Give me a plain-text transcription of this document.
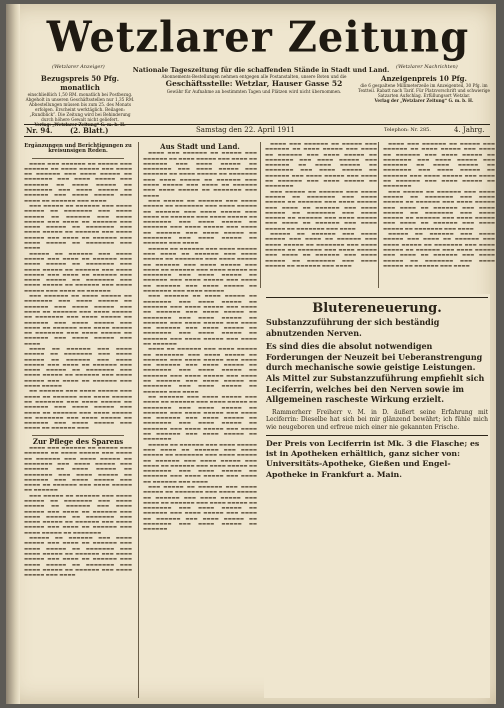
Wetzlarer Zeitung
(Wetzlarer Anzeiger)	(Wetzlarer Nachrichten)
Nationale Tageszeitung für die schaffenden Stände in Stadt und Land.
Bezugspreis 50 Pfg. monatlich
einschließlich 1,50 RM. monatlich bei Postbezug. Abgeholt in unseren Geschäftsstellen nur 1,35 RM. Abbestellungen müssen bis zum 25. des Monats erfolgen. Erscheint werktäglich. Beilagen: „Rundblick“. Die Zeitung wird bei Behinderung durch höhere Gewalt nicht geliefert.
Verlag: „Wetzlarer Zeitung“ G. m. b. H.
Abonnements-Bestellungen nehmen entgegen alle Postanstalten, unsere Boten und die
Geschäftsstelle: Wetzlar, Hauser Gasse 52
Gewähr für Aufnahme an bestimmten Tagen und Plätzen wird nicht übernommen.
Anzeigenpreis 10 Pfg.
die 6 gespaltene Millimeterzeile im Anzeigenteil, 30 Pfg. im Textteil. Rabatt nach Tarif. Für Platzvorschrift und schwierige Satzarten Aufschlag. Erfüllungsort Wetzlar.
Verlag der „Wetzlarer Zeitung“ G. m. b. H.
Nr. 94.	(2. Blatt.)	Samstag den 22. April 1911	Telephon: Nr. 285.	4. Jahrg.
Ergänzungen und Berichtigungen zu kreisunsigen Reden.

▬▬▬▬ ▬▬▬ ▬▬▬▬▬▬ ▬▬ ▬▬▬▬▬ ▬▬▬ ▬▬▬▬▬▬ ▬▬ ▬▬▬▬ ▬▬▬▬▬ ▬▬▬ ▬▬▬▬ ▬▬ ▬▬▬▬▬▬ ▬▬▬ ▬▬▬▬ ▬▬▬▬▬ ▬▬ ▬▬▬▬▬▬▬ ▬▬▬ ▬▬▬▬ ▬▬▬▬▬ ▬▬▬ ▬▬▬▬▬▬ ▬▬ ▬▬▬▬ ▬▬▬▬▬ ▬▬ ▬▬▬▬▬▬▬ ▬▬▬ ▬▬▬▬ ▬▬▬▬▬ ▬▬ ▬▬▬▬▬▬ ▬▬▬ ▬▬▬▬ ▬▬▬▬▬ ▬▬▬ ▬▬▬▬ ▬▬ ▬▬▬▬▬▬ ▬▬▬ ▬▬▬▬

▬▬▬ ▬▬▬▬▬ ▬▬ ▬▬▬▬▬▬ ▬▬▬ ▬▬▬▬ ▬▬▬▬▬ ▬▬ ▬▬▬▬▬▬▬ ▬▬▬ ▬▬▬▬ ▬▬▬▬▬ ▬▬ ▬▬▬▬▬▬ ▬▬▬ ▬▬▬▬ ▬▬▬▬▬ ▬▬▬ ▬▬▬▬ ▬▬ ▬▬▬▬▬▬ ▬▬▬ ▬▬▬▬ ▬▬▬▬▬ ▬▬ ▬▬▬▬▬▬▬ ▬▬▬ ▬▬▬▬ ▬▬▬▬▬ ▬▬ ▬▬▬▬▬▬ ▬▬▬ ▬▬▬▬ ▬▬▬▬▬ ▬▬▬ ▬▬▬▬ ▬▬ ▬▬▬▬▬▬ ▬▬▬ ▬▬▬▬ ▬▬▬▬▬ ▬▬ ▬▬▬▬▬▬▬ ▬▬▬ ▬▬▬▬

▬▬▬▬▬ ▬▬ ▬▬▬▬▬▬ ▬▬▬ ▬▬▬▬ ▬▬▬▬▬ ▬▬▬ ▬▬▬▬ ▬▬ ▬▬▬▬▬▬ ▬▬▬ ▬▬▬▬ ▬▬▬▬▬ ▬▬ ▬▬▬▬▬▬▬ ▬▬▬ ▬▬▬▬ ▬▬▬▬▬ ▬▬ ▬▬▬▬▬▬ ▬▬▬ ▬▬▬▬ ▬▬▬▬▬ ▬▬▬ ▬▬▬▬ ▬▬ ▬▬▬▬▬▬ ▬▬▬ ▬▬▬▬ ▬▬▬▬▬ ▬▬ ▬▬▬▬▬▬▬ ▬▬▬ ▬▬▬▬ ▬▬▬▬▬ ▬▬ ▬▬▬▬▬▬ ▬▬▬ ▬▬▬▬ ▬▬▬▬▬ ▬▬▬ ▬▬▬▬ ▬▬ ▬▬▬▬▬▬

▬▬▬ ▬▬▬▬▬▬ ▬▬ ▬▬▬▬ ▬▬▬▬▬ ▬▬ ▬▬▬▬▬▬▬ ▬▬▬ ▬▬▬▬ ▬▬▬▬▬ ▬▬ ▬▬▬▬▬▬ ▬▬▬ ▬▬▬▬ ▬▬▬▬▬ ▬▬▬ ▬▬▬▬ ▬▬ ▬▬▬▬▬▬ ▬▬▬ ▬▬▬▬ ▬▬▬▬▬ ▬▬ ▬▬▬▬▬▬▬ ▬▬▬ ▬▬▬▬ ▬▬▬▬▬ ▬▬ ▬▬▬▬▬▬ ▬▬▬ ▬▬▬▬ ▬▬▬▬▬ ▬▬▬ ▬▬▬▬ ▬▬ ▬▬▬▬▬▬ ▬▬▬ ▬▬▬▬ ▬▬▬▬▬ ▬▬ ▬▬▬▬▬▬▬ ▬▬▬ ▬▬▬▬ ▬▬▬▬▬ ▬▬ ▬▬▬▬▬▬ ▬▬▬ ▬▬▬▬ ▬▬▬▬▬ ▬▬▬ ▬▬▬▬

▬▬▬▬ ▬▬ ▬▬▬▬▬▬ ▬▬▬ ▬▬▬▬ ▬▬▬▬▬ ▬▬ ▬▬▬▬▬▬▬ ▬▬▬ ▬▬▬▬ ▬▬▬▬▬ ▬▬ ▬▬▬▬▬▬ ▬▬▬ ▬▬▬▬ ▬▬▬▬▬ ▬▬▬ ▬▬▬▬ ▬▬ ▬▬▬▬▬▬ ▬▬▬ ▬▬▬▬ ▬▬▬▬▬ ▬▬ ▬▬▬▬▬▬▬ ▬▬▬ ▬▬▬▬ ▬▬▬▬▬ ▬▬ ▬▬▬▬▬▬ ▬▬▬ ▬▬▬▬ ▬▬▬▬▬ ▬▬▬ ▬▬▬▬ ▬▬ ▬▬▬▬▬▬ ▬▬▬ ▬▬▬▬ ▬▬▬▬▬

▬▬ ▬▬▬▬▬▬ ▬▬▬ ▬▬▬▬ ▬▬▬▬▬ ▬▬▬ ▬▬▬▬ ▬▬ ▬▬▬▬▬▬ ▬▬▬ ▬▬▬▬ ▬▬▬▬▬ ▬▬ ▬▬▬▬▬▬▬ ▬▬▬ ▬▬▬▬ ▬▬▬▬▬ ▬▬ ▬▬▬▬▬▬ ▬▬▬ ▬▬▬▬ ▬▬▬▬▬ ▬▬▬ ▬▬▬▬ ▬▬ ▬▬▬▬▬▬ ▬▬▬ ▬▬▬▬ ▬▬▬▬▬ ▬▬ ▬▬▬▬▬▬▬ ▬▬▬ ▬▬▬▬ ▬▬▬▬▬ ▬▬ ▬▬▬▬▬▬ ▬▬▬ ▬▬▬▬ ▬▬▬▬▬ ▬▬▬ ▬▬▬▬ ▬▬ ▬▬▬▬▬▬ ▬▬▬

Zur Pflege des Sparens

▬▬▬▬ ▬▬▬ ▬▬▬▬▬▬ ▬▬ ▬▬▬▬▬ ▬▬▬ ▬▬▬▬▬▬ ▬▬ ▬▬▬▬ ▬▬▬▬▬ ▬▬▬ ▬▬▬▬ ▬▬ ▬▬▬▬▬▬ ▬▬▬ ▬▬▬▬ ▬▬▬▬▬ ▬▬ ▬▬▬▬▬▬▬ ▬▬▬ ▬▬▬▬ ▬▬▬▬▬ ▬▬▬ ▬▬▬▬▬▬ ▬▬ ▬▬▬▬ ▬▬▬▬▬ ▬▬ ▬▬▬▬▬▬▬ ▬▬▬ ▬▬▬▬ ▬▬▬▬▬ ▬▬ ▬▬▬▬▬▬ ▬▬▬ ▬▬▬▬ ▬▬▬▬▬ ▬▬▬ ▬▬▬▬ ▬▬ ▬▬▬▬▬▬ ▬▬▬ ▬▬▬▬ ▬▬▬▬▬ ▬▬ ▬▬▬▬▬▬

▬▬▬ ▬▬▬▬▬ ▬▬ ▬▬▬▬▬▬ ▬▬▬ ▬▬▬▬ ▬▬▬▬▬ ▬▬ ▬▬▬▬▬▬▬ ▬▬▬ ▬▬▬▬ ▬▬▬▬▬ ▬▬ ▬▬▬▬▬▬ ▬▬▬ ▬▬▬▬ ▬▬▬▬▬ ▬▬▬ ▬▬▬▬ ▬▬ ▬▬▬▬▬▬ ▬▬▬ ▬▬▬▬ ▬▬▬▬▬ ▬▬ ▬▬▬▬▬▬▬ ▬▬▬ ▬▬▬▬ ▬▬▬▬▬ ▬▬ ▬▬▬▬▬▬ ▬▬▬ ▬▬▬▬ ▬▬▬▬▬ ▬▬▬ ▬▬▬▬ ▬▬ ▬▬▬▬▬▬ ▬▬▬ ▬▬▬▬ ▬▬▬▬▬ ▬▬ ▬▬▬▬▬▬▬

▬▬▬▬▬ ▬▬ ▬▬▬▬▬▬ ▬▬▬ ▬▬▬▬ ▬▬▬▬▬ ▬▬▬ ▬▬▬▬ ▬▬ ▬▬▬▬▬▬ ▬▬▬ ▬▬▬▬ ▬▬▬▬▬ ▬▬ ▬▬▬▬▬▬▬ ▬▬▬ ▬▬▬▬ ▬▬▬▬▬ ▬▬ ▬▬▬▬▬▬ ▬▬▬ ▬▬▬▬ ▬▬▬▬▬ ▬▬▬ ▬▬▬▬ ▬▬ ▬▬▬▬▬▬ ▬▬▬ ▬▬▬▬ ▬▬▬▬▬ ▬▬ ▬▬▬▬▬▬▬ ▬▬▬ ▬▬▬▬ ▬▬▬▬▬ ▬▬ ▬▬▬▬▬▬ ▬▬▬ ▬▬▬▬ ▬▬▬▬▬ ▬▬▬ ▬▬▬▬

Aus Stadt und Land.

▬▬▬▬ ▬▬▬ ▬▬▬▬▬▬ ▬▬ ▬▬▬▬▬ ▬▬▬ ▬▬▬▬▬▬ ▬▬ ▬▬▬▬ ▬▬▬▬▬ ▬▬▬ ▬▬▬▬ ▬▬ ▬▬▬▬▬▬ ▬▬▬ ▬▬▬▬ ▬▬▬▬▬ ▬▬ ▬▬▬▬▬▬▬ ▬▬▬ ▬▬▬▬ ▬▬▬▬▬ ▬▬▬ ▬▬▬▬▬▬ ▬▬ ▬▬▬▬ ▬▬▬▬▬ ▬▬ ▬▬▬▬▬▬▬ ▬▬▬ ▬▬▬▬ ▬▬▬▬▬ ▬▬ ▬▬▬▬▬▬ ▬▬▬ ▬▬▬▬ ▬▬▬▬▬ ▬▬▬ ▬▬▬▬ ▬▬ ▬▬▬▬▬▬ ▬▬▬ ▬▬▬▬ ▬▬▬▬▬ ▬▬ ▬▬▬▬▬▬▬ ▬▬▬ ▬▬▬▬

▬▬▬ ▬▬▬▬▬ ▬▬ ▬▬▬▬▬▬ ▬▬▬ ▬▬▬▬ ▬▬▬▬▬ ▬▬ ▬▬▬▬▬▬▬ ▬▬▬ ▬▬▬▬ ▬▬▬▬▬ ▬▬ ▬▬▬▬▬▬ ▬▬▬ ▬▬▬▬ ▬▬▬▬▬ ▬▬▬ ▬▬▬▬ ▬▬ ▬▬▬▬▬▬ ▬▬▬ ▬▬▬▬ ▬▬▬▬▬ ▬▬ ▬▬▬▬▬▬▬ ▬▬▬ ▬▬▬▬ ▬▬▬▬▬ ▬▬ ▬▬▬▬▬▬ ▬▬▬ ▬▬▬▬ ▬▬▬▬▬ ▬▬▬ ▬▬▬▬ ▬▬ ▬▬▬▬▬▬ ▬▬▬ ▬▬▬▬ ▬▬▬▬▬ ▬▬ ▬▬▬▬▬▬▬ ▬▬▬ ▬▬▬▬ ▬▬▬▬▬ ▬▬ ▬▬▬▬▬▬ ▬▬▬ ▬▬▬▬

▬▬▬▬▬ ▬▬ ▬▬▬▬▬▬ ▬▬▬ ▬▬▬▬ ▬▬▬▬▬ ▬▬▬ ▬▬▬▬ ▬▬ ▬▬▬▬▬▬ ▬▬▬ ▬▬▬▬ ▬▬▬▬▬ ▬▬ ▬▬▬▬▬▬▬ ▬▬▬ ▬▬▬▬ ▬▬▬▬▬ ▬▬ ▬▬▬▬▬▬ ▬▬▬ ▬▬▬▬ ▬▬▬▬▬ ▬▬▬ ▬▬▬▬ ▬▬ ▬▬▬▬▬▬ ▬▬▬ ▬▬▬▬ ▬▬▬▬▬ ▬▬ ▬▬▬▬▬▬▬ ▬▬▬ ▬▬▬▬ ▬▬▬▬▬ ▬▬ ▬▬▬▬▬▬ ▬▬▬ ▬▬▬▬ ▬▬▬▬▬ ▬▬▬ ▬▬▬▬ ▬▬ ▬▬▬▬▬▬ ▬▬▬ ▬▬▬▬ ▬▬▬▬▬ ▬▬ ▬▬▬▬▬▬▬ ▬▬▬ ▬▬▬▬ ▬▬▬▬▬

▬▬▬ ▬▬▬▬▬▬ ▬▬ ▬▬▬▬ ▬▬▬▬▬ ▬▬ ▬▬▬▬▬▬▬ ▬▬▬ ▬▬▬▬ ▬▬▬▬▬ ▬▬ ▬▬▬▬▬▬ ▬▬▬ ▬▬▬▬ ▬▬▬▬▬ ▬▬▬ ▬▬▬▬ ▬▬ ▬▬▬▬▬▬ ▬▬▬ ▬▬▬▬ ▬▬▬▬▬ ▬▬ ▬▬▬▬▬▬▬ ▬▬▬ ▬▬▬▬ ▬▬▬▬▬ ▬▬ ▬▬▬▬▬▬ ▬▬▬ ▬▬▬▬ ▬▬▬▬▬ ▬▬▬ ▬▬▬▬ ▬▬ ▬▬▬▬▬▬ ▬▬▬ ▬▬▬▬ ▬▬▬▬▬ ▬▬ ▬▬▬▬▬▬▬ ▬▬▬ ▬▬▬▬ ▬▬▬▬▬ ▬▬ ▬▬▬▬▬▬ ▬▬▬ ▬▬▬▬ ▬▬▬▬▬ ▬▬▬ ▬▬▬▬ ▬▬ ▬▬▬▬▬▬

▬▬▬▬ ▬▬ ▬▬▬▬▬▬ ▬▬▬ ▬▬▬▬ ▬▬▬▬▬ ▬▬ ▬▬▬▬▬▬▬ ▬▬▬ ▬▬▬▬ ▬▬▬▬▬ ▬▬ ▬▬▬▬▬▬ ▬▬▬ ▬▬▬▬ ▬▬▬▬▬ ▬▬▬ ▬▬▬▬ ▬▬ ▬▬▬▬▬▬ ▬▬▬ ▬▬▬▬ ▬▬▬▬▬ ▬▬ ▬▬▬▬▬▬▬ ▬▬▬ ▬▬▬▬ ▬▬▬▬▬ ▬▬ ▬▬▬▬▬▬ ▬▬▬ ▬▬▬▬ ▬▬▬▬▬ ▬▬▬ ▬▬▬▬ ▬▬ ▬▬▬▬▬▬ ▬▬▬ ▬▬▬▬ ▬▬▬▬▬ ▬▬ ▬▬▬▬▬▬▬ ▬▬▬ ▬▬▬▬ ▬▬▬▬▬ ▬▬ ▬▬▬▬▬▬ ▬▬▬ ▬▬▬▬

▬▬ ▬▬▬▬▬▬ ▬▬▬ ▬▬▬▬ ▬▬▬▬▬ ▬▬▬ ▬▬▬▬ ▬▬ ▬▬▬▬▬▬ ▬▬▬ ▬▬▬▬ ▬▬▬▬▬ ▬▬ ▬▬▬▬▬▬▬ ▬▬▬ ▬▬▬▬ ▬▬▬▬▬ ▬▬ ▬▬▬▬▬▬ ▬▬▬ ▬▬▬▬ ▬▬▬▬▬ ▬▬▬ ▬▬▬▬ ▬▬ ▬▬▬▬▬▬ ▬▬▬ ▬▬▬▬ ▬▬▬▬▬ ▬▬ ▬▬▬▬▬▬▬ ▬▬▬ ▬▬▬▬ ▬▬▬▬▬ ▬▬ ▬▬▬▬▬▬ ▬▬▬ ▬▬▬▬ ▬▬▬▬▬ ▬▬▬ ▬▬▬▬ ▬▬ ▬▬▬▬▬▬ ▬▬▬ ▬▬▬▬ ▬▬▬▬▬ ▬▬ ▬▬▬▬▬▬▬

▬▬▬▬▬ ▬▬ ▬▬▬▬▬▬ ▬▬▬ ▬▬▬▬ ▬▬▬▬▬ ▬▬▬ ▬▬▬▬ ▬▬ ▬▬▬▬▬▬ ▬▬▬ ▬▬▬▬ ▬▬▬▬▬ ▬▬ ▬▬▬▬▬▬▬ ▬▬▬ ▬▬▬▬ ▬▬▬▬▬ ▬▬ ▬▬▬▬▬▬ ▬▬▬ ▬▬▬▬ ▬▬▬▬▬ ▬▬▬ ▬▬▬▬ ▬▬ ▬▬▬▬▬▬ ▬▬▬ ▬▬▬▬ ▬▬▬▬▬ ▬▬ ▬▬▬▬▬▬▬ ▬▬▬ ▬▬▬▬ ▬▬▬▬▬ ▬▬ ▬▬▬▬▬▬ ▬▬▬ ▬▬▬▬ ▬▬▬▬▬ ▬▬▬ ▬▬▬▬ ▬▬ ▬▬▬▬▬▬ ▬▬▬ ▬▬▬▬

▬▬▬ ▬▬▬▬▬ ▬▬ ▬▬▬▬▬▬ ▬▬▬ ▬▬▬▬ ▬▬▬▬▬ ▬▬ ▬▬▬▬▬▬▬ ▬▬▬ ▬▬▬▬ ▬▬▬▬▬ ▬▬ ▬▬▬▬▬▬ ▬▬▬ ▬▬▬▬ ▬▬▬▬▬ ▬▬▬ ▬▬▬▬ ▬▬ ▬▬▬▬▬▬ ▬▬▬ ▬▬▬▬ ▬▬▬▬▬ ▬▬ ▬▬▬▬▬▬▬ ▬▬▬ ▬▬▬▬ ▬▬▬▬▬ ▬▬ ▬▬▬▬▬▬ ▬▬▬ ▬▬▬▬ ▬▬▬▬▬ ▬▬▬ ▬▬▬▬ ▬▬ ▬▬▬▬▬▬ ▬▬▬ ▬▬▬▬ ▬▬▬▬▬ ▬▬ ▬▬▬▬▬▬▬ ▬▬▬ ▬▬▬▬ ▬▬▬▬▬ ▬▬ ▬▬▬▬▬▬

▬▬▬▬ ▬▬▬ ▬▬▬▬▬▬ ▬▬ ▬▬▬▬▬ ▬▬▬ ▬▬▬▬▬▬ ▬▬ ▬▬▬▬ ▬▬▬▬▬ ▬▬▬ ▬▬▬▬ ▬▬ ▬▬▬▬▬▬ ▬▬▬ ▬▬▬▬ ▬▬▬▬▬ ▬▬ ▬▬▬▬▬▬▬ ▬▬▬ ▬▬▬▬ ▬▬▬▬▬ ▬▬▬ ▬▬▬▬▬▬ ▬▬ ▬▬▬▬ ▬▬▬▬▬ ▬▬ ▬▬▬▬▬▬▬ ▬▬▬ ▬▬▬▬ ▬▬▬▬▬ ▬▬ ▬▬▬▬▬▬ ▬▬▬ ▬▬▬▬ ▬▬▬▬▬ ▬▬▬ ▬▬▬▬ ▬▬ ▬▬▬▬▬▬ ▬▬▬ ▬▬▬▬ ▬▬▬▬▬ ▬▬ ▬▬▬▬▬▬▬

▬▬▬ ▬▬▬▬▬ ▬▬ ▬▬▬▬▬▬ ▬▬▬ ▬▬▬▬ ▬▬▬▬▬ ▬▬ ▬▬▬▬▬▬▬ ▬▬▬ ▬▬▬▬ ▬▬▬▬▬ ▬▬ ▬▬▬▬▬▬ ▬▬▬ ▬▬▬▬ ▬▬▬▬▬ ▬▬▬ ▬▬▬▬ ▬▬ ▬▬▬▬▬▬ ▬▬▬ ▬▬▬▬ ▬▬▬▬▬ ▬▬ ▬▬▬▬▬▬▬ ▬▬▬ ▬▬▬▬ ▬▬▬▬▬ ▬▬ ▬▬▬▬▬▬ ▬▬▬ ▬▬▬▬ ▬▬▬▬▬ ▬▬▬ ▬▬▬▬ ▬▬ ▬▬▬▬▬▬ ▬▬▬ ▬▬▬▬ ▬▬▬▬▬ ▬▬ ▬▬▬▬▬▬▬ ▬▬▬ ▬▬▬▬

▬▬▬▬▬ ▬▬ ▬▬▬▬▬▬ ▬▬▬ ▬▬▬▬ ▬▬▬▬▬ ▬▬▬ ▬▬▬▬ ▬▬ ▬▬▬▬▬▬ ▬▬▬ ▬▬▬▬ ▬▬▬▬▬ ▬▬ ▬▬▬▬▬▬▬ ▬▬▬ ▬▬▬▬ ▬▬▬▬▬ ▬▬ ▬▬▬▬▬▬ ▬▬▬ ▬▬▬▬ ▬▬▬▬▬ ▬▬▬ ▬▬▬▬ ▬▬ ▬▬▬▬▬▬ ▬▬▬ ▬▬▬▬ ▬▬▬▬▬ ▬▬ ▬▬▬▬▬▬▬ ▬▬▬ ▬▬▬▬ ▬▬▬▬▬ ▬▬ ▬▬▬▬▬▬ ▬▬▬ ▬▬▬▬

▬▬▬▬ ▬▬▬ ▬▬▬▬▬▬ ▬▬ ▬▬▬▬▬ ▬▬▬ ▬▬▬▬▬▬ ▬▬ ▬▬▬▬ ▬▬▬▬▬ ▬▬▬ ▬▬▬▬ ▬▬ ▬▬▬▬▬▬ ▬▬▬ ▬▬▬▬ ▬▬▬▬▬ ▬▬ ▬▬▬▬▬▬▬ ▬▬▬ ▬▬▬▬ ▬▬▬▬▬ ▬▬▬ ▬▬▬▬▬▬ ▬▬ ▬▬▬▬ ▬▬▬▬▬ ▬▬ ▬▬▬▬▬▬▬ ▬▬▬ ▬▬▬▬ ▬▬▬▬▬ ▬▬ ▬▬▬▬▬▬ ▬▬▬ ▬▬▬▬ ▬▬▬▬▬ ▬▬▬ ▬▬▬▬ ▬▬ ▬▬▬▬▬▬ ▬▬▬ ▬▬▬▬ ▬▬▬▬▬ ▬▬ ▬▬▬▬▬▬▬

▬▬▬ ▬▬▬▬▬ ▬▬ ▬▬▬▬▬▬ ▬▬▬ ▬▬▬▬ ▬▬▬▬▬ ▬▬ ▬▬▬▬▬▬▬ ▬▬▬ ▬▬▬▬ ▬▬▬▬▬ ▬▬ ▬▬▬▬▬▬ ▬▬▬ ▬▬▬▬ ▬▬▬▬▬ ▬▬▬ ▬▬▬▬ ▬▬ ▬▬▬▬▬▬ ▬▬▬ ▬▬▬▬ ▬▬▬▬▬ ▬▬ ▬▬▬▬▬▬▬ ▬▬▬ ▬▬▬▬ ▬▬▬▬▬ ▬▬ ▬▬▬▬▬▬ ▬▬▬ ▬▬▬▬ ▬▬▬▬▬ ▬▬▬ ▬▬▬▬ ▬▬ ▬▬▬▬▬▬ ▬▬▬ ▬▬▬▬ ▬▬▬▬▬ ▬▬ ▬▬▬▬▬▬▬ ▬▬▬ ▬▬▬▬

▬▬▬▬▬ ▬▬ ▬▬▬▬▬▬ ▬▬▬ ▬▬▬▬ ▬▬▬▬▬ ▬▬▬ ▬▬▬▬ ▬▬ ▬▬▬▬▬▬ ▬▬▬ ▬▬▬▬ ▬▬▬▬▬ ▬▬ ▬▬▬▬▬▬▬ ▬▬▬ ▬▬▬▬ ▬▬▬▬▬ ▬▬ ▬▬▬▬▬▬ ▬▬▬ ▬▬▬▬ ▬▬▬▬▬ ▬▬▬ ▬▬▬▬ ▬▬ ▬▬▬▬▬▬ ▬▬▬ ▬▬▬▬ ▬▬▬▬▬ ▬▬ ▬▬▬▬▬▬▬ ▬▬▬ ▬▬▬▬ ▬▬▬▬▬ ▬▬ ▬▬▬▬▬▬ ▬▬▬ ▬▬▬▬

Blutereneuerung.
Substanzzuführung der sich beständig abnutzenden Nerven.
Es sind dies die absolut notwendigen Forderungen der Neuzeit bei Ueberanstrengung durch mechanische sowie geistige Leistungen. Als Mittel zur Substanzzuführung empfiehlt sich Leciferrin, welches bei den Nerven sowie im Allgemeinen rascheste Wirkung erzielt.
Rammerherr Freiherr v. M. in D. äußert seine Erfahrung mit Leciferrin: Dieselbe hat sich bei mir glänzend bewährt; ich fühle mich wie neugeboren und erfreue mich einer nie gekannten Frische.
Der Preis von Leciferrin ist Mk. 3 die Flasche; es ist in Apotheken erhältlich, ganz sicher von: Universitäts-Apotheke, Gießen und Engel-Apotheke in Frankfurt a. Main.
